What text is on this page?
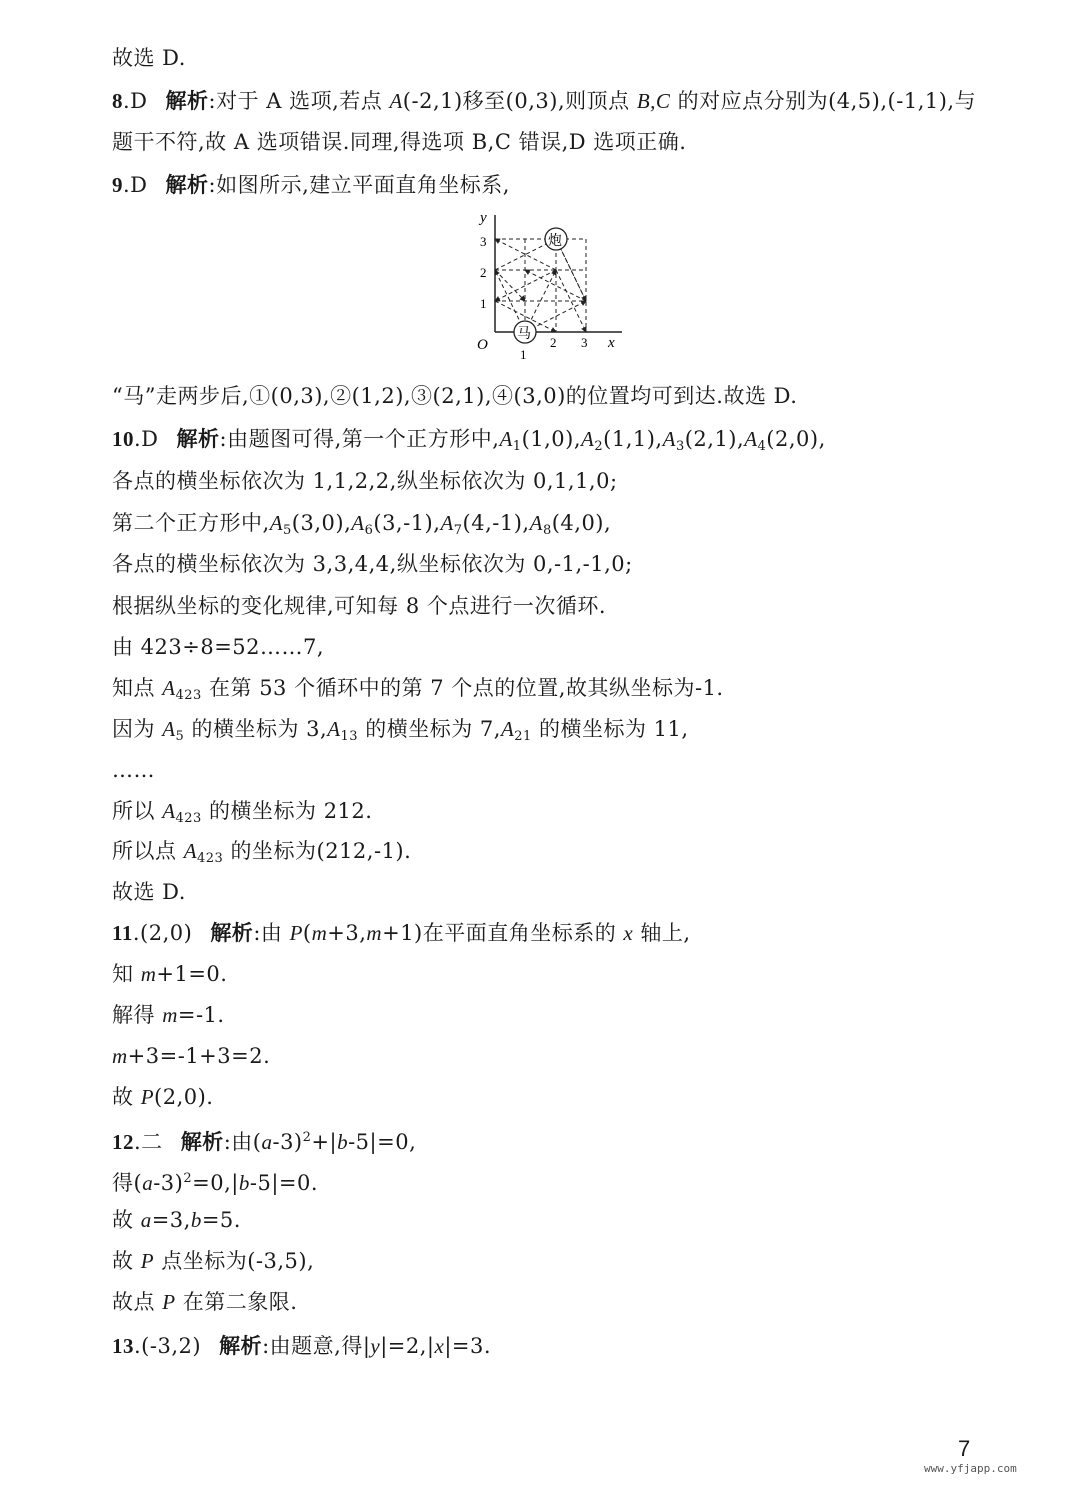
故选 D.
8.D 解析:对于 A 选项,若点 A(-2,1)移至(0,3),则顶点 B,C 的对应点分别为(4,5),(-1,1),与
题干不符,故 A 选项错误.同理,得选项 B,C 错误,D 选项正确.
9.D 解析:如图所示,建立平面直角坐标系,
y
x
O
1
2
3
1
2 3
炮
马
“马”走两步后,①(0,3),②(1,2),③(2,1),④(3,0)的位置均可到达.故选 D.
10.D 解析:由题图可得,第一个正方形中$,A_1(1,0),A_2(1,1),A_3(2,1),A_4(2,0)$,
各点的横坐标依次为 1,1,2,2,纵坐标依次为 0,1,1,0;
第二个正方形中$,A_5(3,0),A_6(3,-1),A_7(4,-1),A_8(4,0)$,
各点的横坐标依次为 3,3,4,4,纵坐标依次为 0,-1,-1,0;
根据纵坐标的变化规律,可知每 8 个点进行一次循环.
由 423÷8=52……7,
知点 $A_{423}$ 在第 53 个循环中的第 7 个点的位置,故其纵坐标为-1.
因为 $A_5$ 的横坐标为 $3,A_{13}$ 的横坐标为 $7,A_{21}$ 的横坐标为 11,
……
所以 $A_{423}$ 的横坐标为 212.
所以点 $A_{423}$ 的坐标为(212,-1).
故选 D.
11.(2,0) 解析:由 P(m+3,m+1)在平面直角坐标系的 x 轴上,
知 m+1=0.
解得 m=-1.
m+3=-1+3=2.
故 P(2,0).
12.二 解析:由$(a-3)^2+|b-5|=0$,
得$(a-3)^2=0,|b-5|=0$.
故 a=3,b=5.
故 P 点坐标为(-3,5),
故点 P 在第二象限.
13.(-3,2) 解析:由题意,得|y|=2,|x|=3.
7
www.yfjapp.com
